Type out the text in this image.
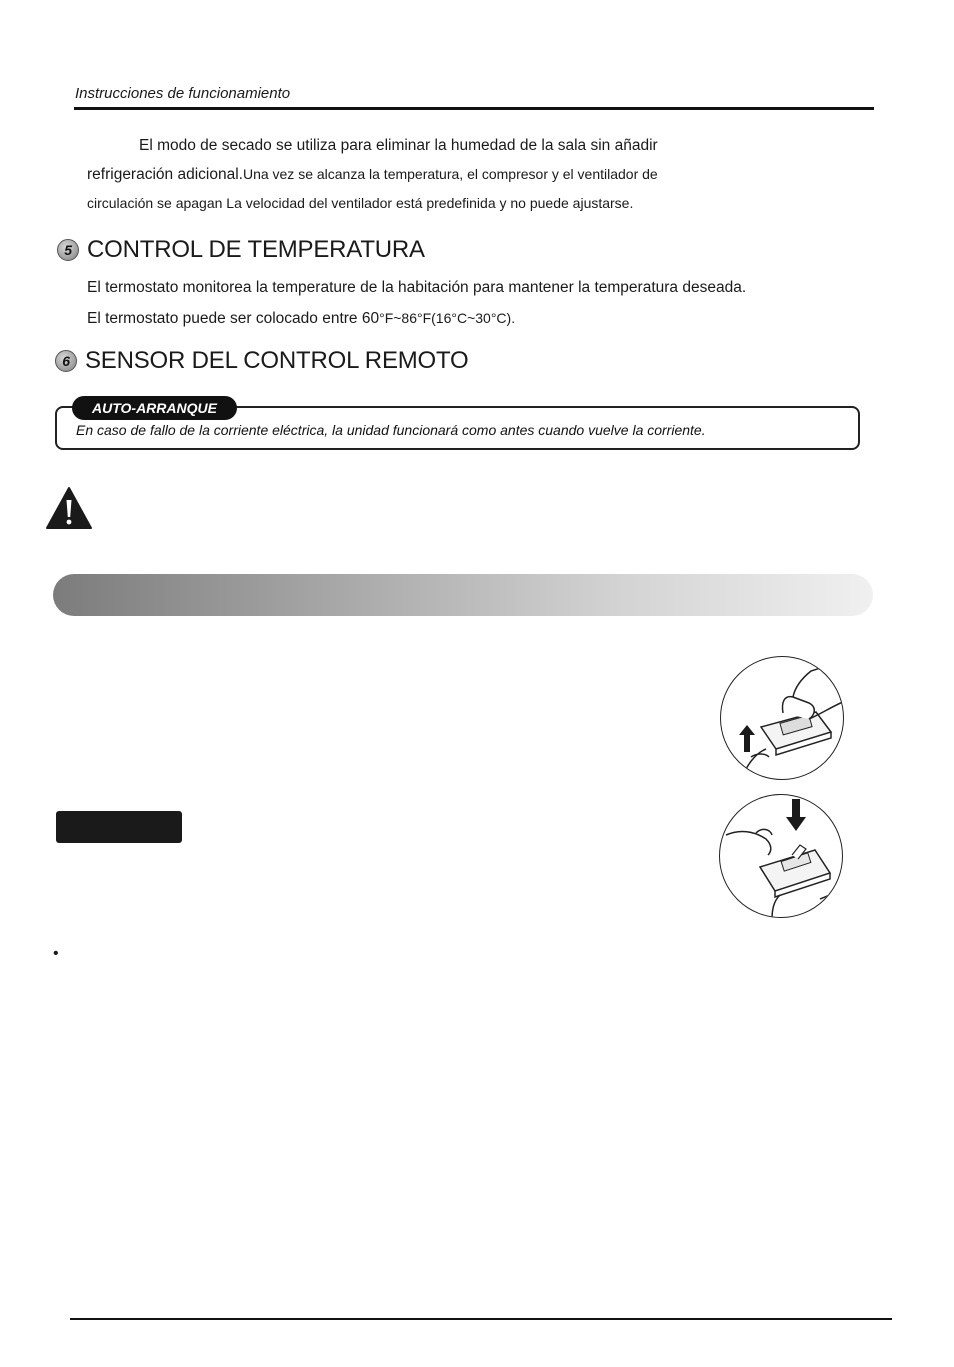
Instrucciones de funcionamiento
El modo de secado se utiliza para eliminar la humedad de la sala sin añadir
refrigeración adicional.Una vez se alcanza la temperatura, el compresor y el ventilador de
circulación se apagan La velocidad del ventilador está predefinida y no puede ajustarse.
5 CONTROL DE TEMPERATURA
El termostato monitorea la temperature de la habitación para mantener la temperatura deseada.
El termostato puede ser colocado entre 60°F~86°F(16°C~30°C).
6 SENSOR DEL CONTROL REMOTO
AUTO-ARRANQUE
En caso de fallo de la corriente eléctrica, la unidad funcionará como antes cuando vuelve la corriente.
•
